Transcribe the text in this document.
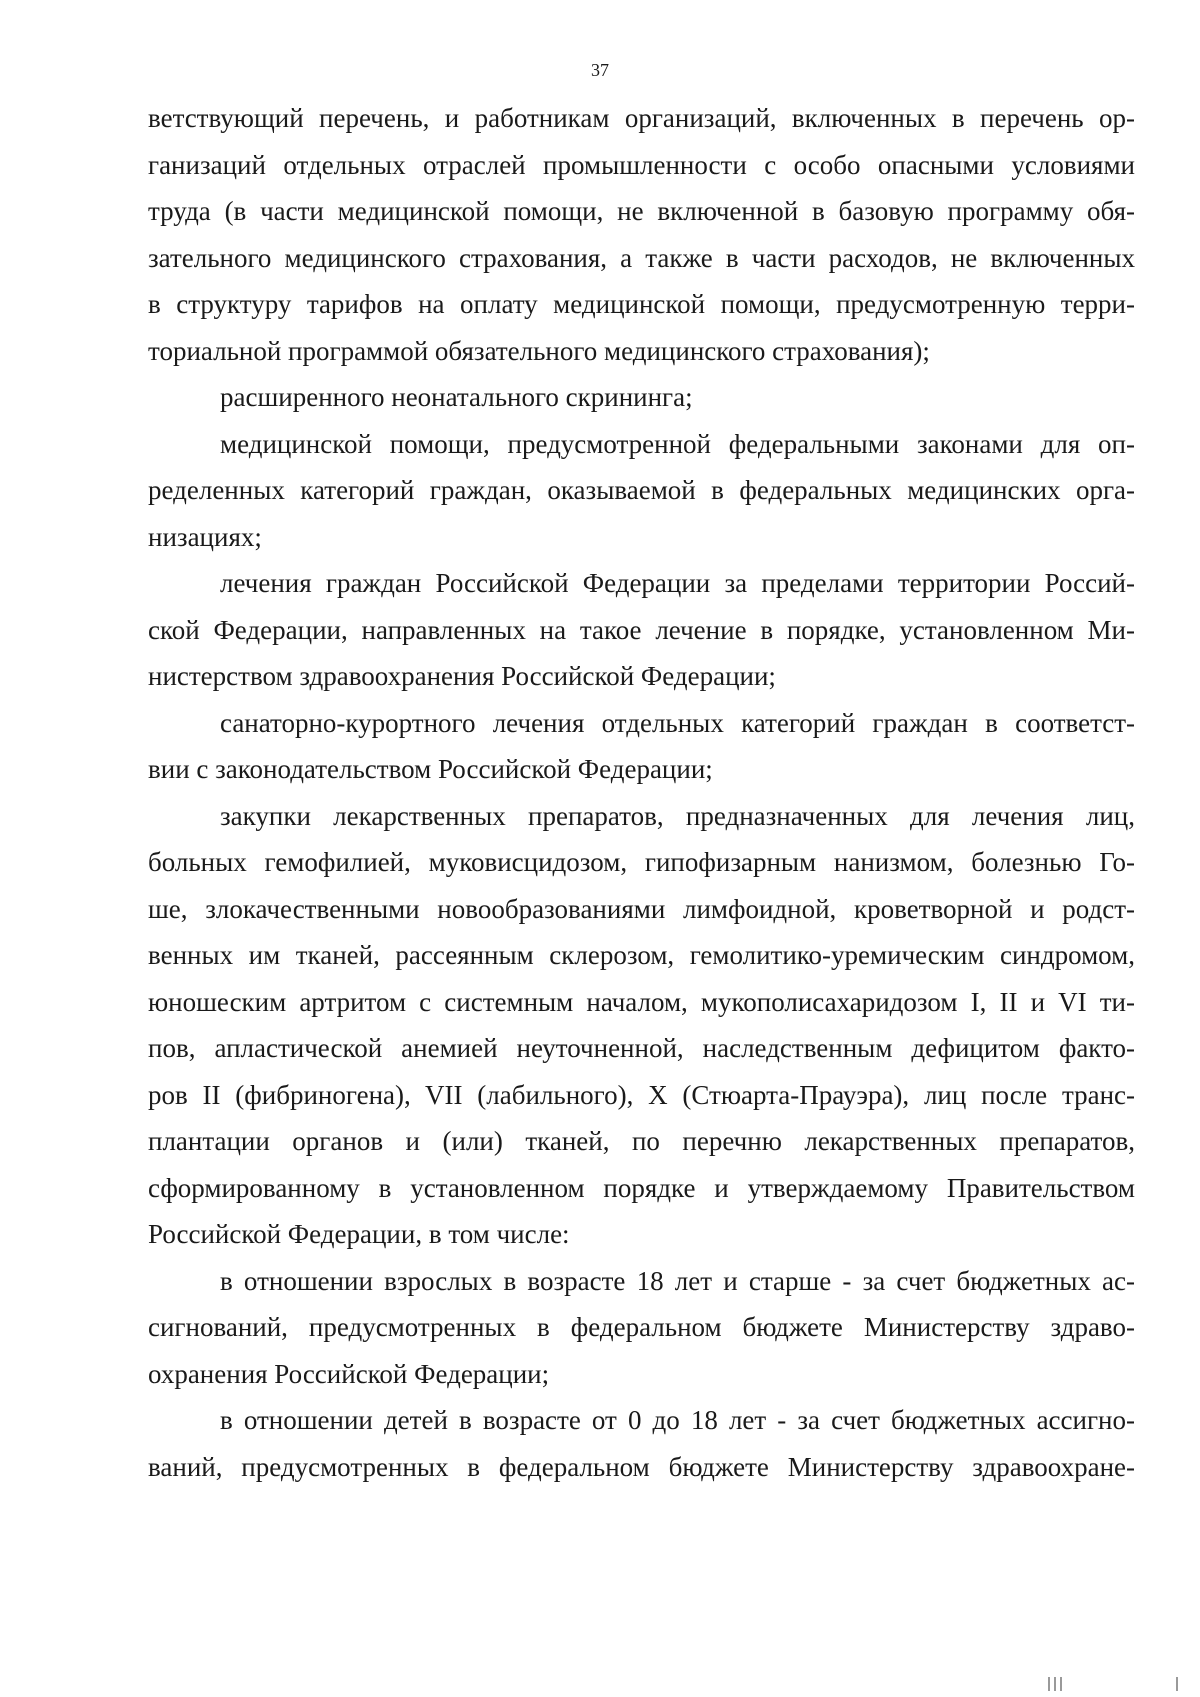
37
ветствующий перечень, и работникам организаций, включенных в перечень ор-
ганизаций отдельных отраслей промышленности с особо опасными условиями
труда (в части медицинской помощи, не включенной в базовую программу обя-
зательного медицинского страхования, а также в части расходов, не включенных
в структуру тарифов на оплату медицинской помощи, предусмотренную терри-
ториальной программой обязательного медицинского страхования);
расширенного неонатального скрининга;
медицинской помощи, предусмотренной федеральными законами для оп-
ределенных категорий граждан, оказываемой в федеральных медицинских орга-
низациях;
лечения граждан Российской Федерации за пределами территории Россий-
ской Федерации, направленных на такое лечение в порядке, установленном Ми-
нистерством здравоохранения Российской Федерации;
санаторно-курортного лечения отдельных категорий граждан в соответст-
вии с законодательством Российской Федерации;
закупки лекарственных препаратов, предназначенных для лечения лиц,
больных гемофилией, муковисцидозом, гипофизарным нанизмом, болезнью Го-
ше, злокачественными новообразованиями лимфоидной, кроветворной и родст-
венных им тканей, рассеянным склерозом, гемолитико-уремическим синдромом,
юношеским артритом с системным началом, мукополисахаридозом I, II и VI ти-
пов, апластической анемией неуточненной, наследственным дефицитом факто-
ров II (фибриногена), VII (лабильного), X (Стюарта-Прауэра), лиц после транс-
плантации органов и (или) тканей, по перечню лекарственных препаратов,
сформированному в установленном порядке и утверждаемому Правительством
Российской Федерации, в том числе:
в отношении взрослых в возрасте 18 лет и старше - за счет бюджетных ас-
сигнований, предусмотренных в федеральном бюджете Министерству здраво-
охранения Российской Федерации;
в отношении детей в возрасте от 0 до 18 лет - за счет бюджетных ассигно-
ваний, предусмотренных в федеральном бюджете Министерству здравоохране-
